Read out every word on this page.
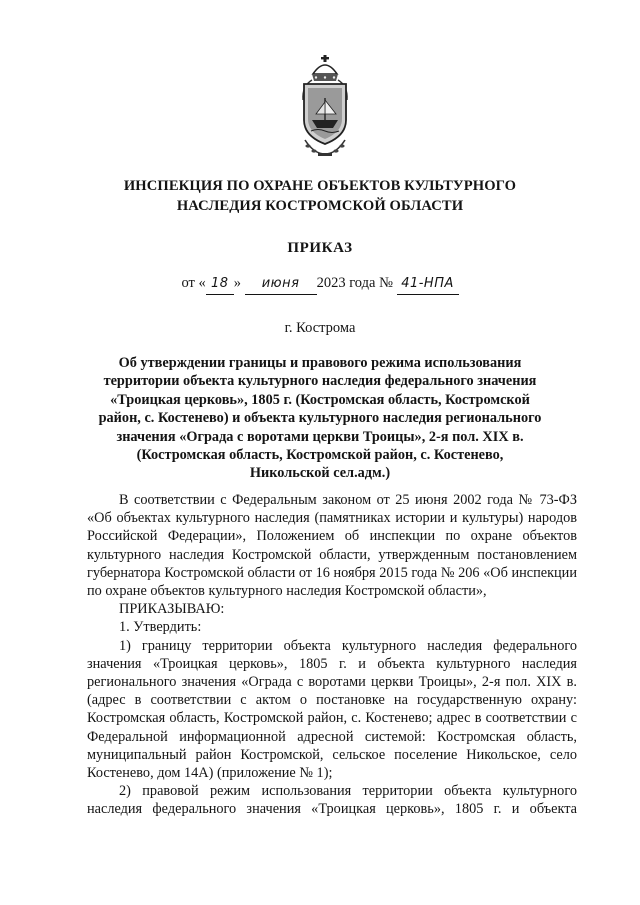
ИНСПЕКЦИЯ ПО ОХРАНЕ ОБЪЕКТОВ КУЛЬТУРНОГО
НАСЛЕДИЯ КОСТРОМСКОЙ ОБЛАСТИ
ПРИКАЗ
от « 18 » июня 2023 года № 41-НПА
г. Кострома
Об утверждении границы и правового режима использования
территории объекта культурного наследия федерального значения
«Троицкая церковь», 1805 г. (Костромская область, Костромской
район, с. Костенево) и объекта культурного наследия регионального
значения «Ограда с воротами церкви Троицы», 2-я пол. XIX в.
(Костромская область, Костромской район, с. Костенево,
Никольской сел.адм.)

В соответствии с Федеральным законом от 25 июня 2002 года № 73-ФЗ «Об объектах культурного наследия (памятниках истории и культуры) народов Российской Федерации», Положением об инспекции по охране объектов культурного наследия Костромской области, утвержденным постановлением губернатора Костромской области от 16 ноября 2015 года № 206 «Об инспекции по охране объектов культурного наследия Костромской области»,

ПРИКАЗЫВАЮ:

1. Утвердить:

1) границу территории объекта культурного наследия федерального значения «Троицкая церковь», 1805 г. и объекта культурного наследия регионального значения «Ограда с воротами церкви Троицы», 2-я пол. XIX в. (адрес в соответствии с актом о постановке на государственную охрану: Костромская область, Костромской район, с. Костенево; адрес в соответствии с Федеральной информационной адресной системой: Костромская область, муниципальный район Костромской, сельское поселение Никольское, село Костенево, дом 14А) (приложение № 1);

2) правовой режим использования территории объекта культурного наследия федерального значения «Троицкая церковь», 1805 г. и объекта
